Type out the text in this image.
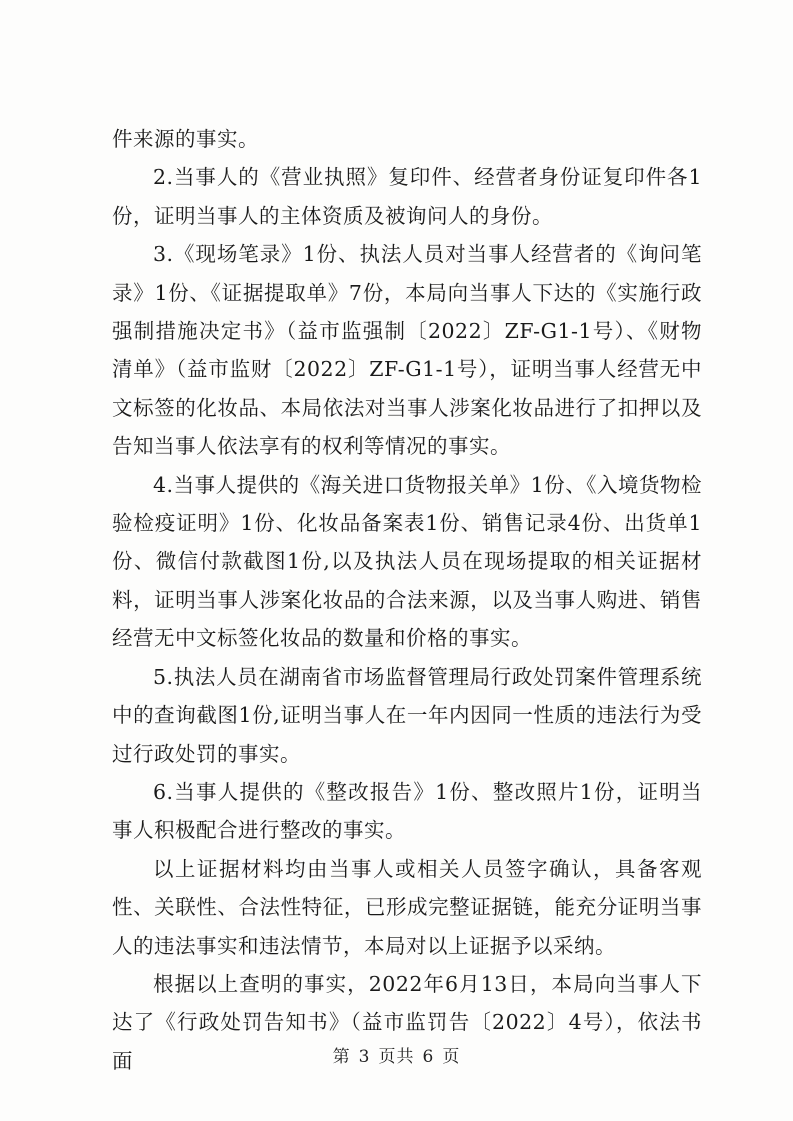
件来源的事实。

2.当事人的《营业执照》复印件、经营者身份证复印件各1份，证明当事人的主体资质及被询问人的身份。

3.《现场笔录》1份、执法人员对当事人经营者的《询问笔录》1份、《证据提取单》7份，本局向当事人下达的《实施行政强制措施决定书》（益市监强制〔2022〕ZF-G1-1号）、《财物清单》（益市监财〔2022〕ZF-G1-1号），证明当事人经营无中文标签的化妆品、本局依法对当事人涉案化妆品进行了扣押以及告知当事人依法享有的权利等情况的事实。

4.当事人提供的《海关进口货物报关单》1份、《入境货物检验检疫证明》1份、化妆品备案表1份、销售记录4份、出货单1份、微信付款截图1份,以及执法人员在现场提取的相关证据材料，证明当事人涉案化妆品的合法来源，以及当事人购进、销售经营无中文标签化妆品的数量和价格的事实。

5.执法人员在湖南省市场监督管理局行政处罚案件管理系统中的查询截图1份,证明当事人在一年内因同一性质的违法行为受过行政处罚的事实。

6.当事人提供的《整改报告》1份、整改照片1份，证明当事人积极配合进行整改的事实。

以上证据材料均由当事人或相关人员签字确认，具备客观性、关联性、合法性特征，已形成完整证据链，能充分证明当事人的违法事实和违法情节，本局对以上证据予以采纳。

根据以上查明的事实，2022年6月13日，本局向当事人下达了《行政处罚告知书》（益市监罚告〔2022〕4号），依法书面	第 3 页共 6 页
